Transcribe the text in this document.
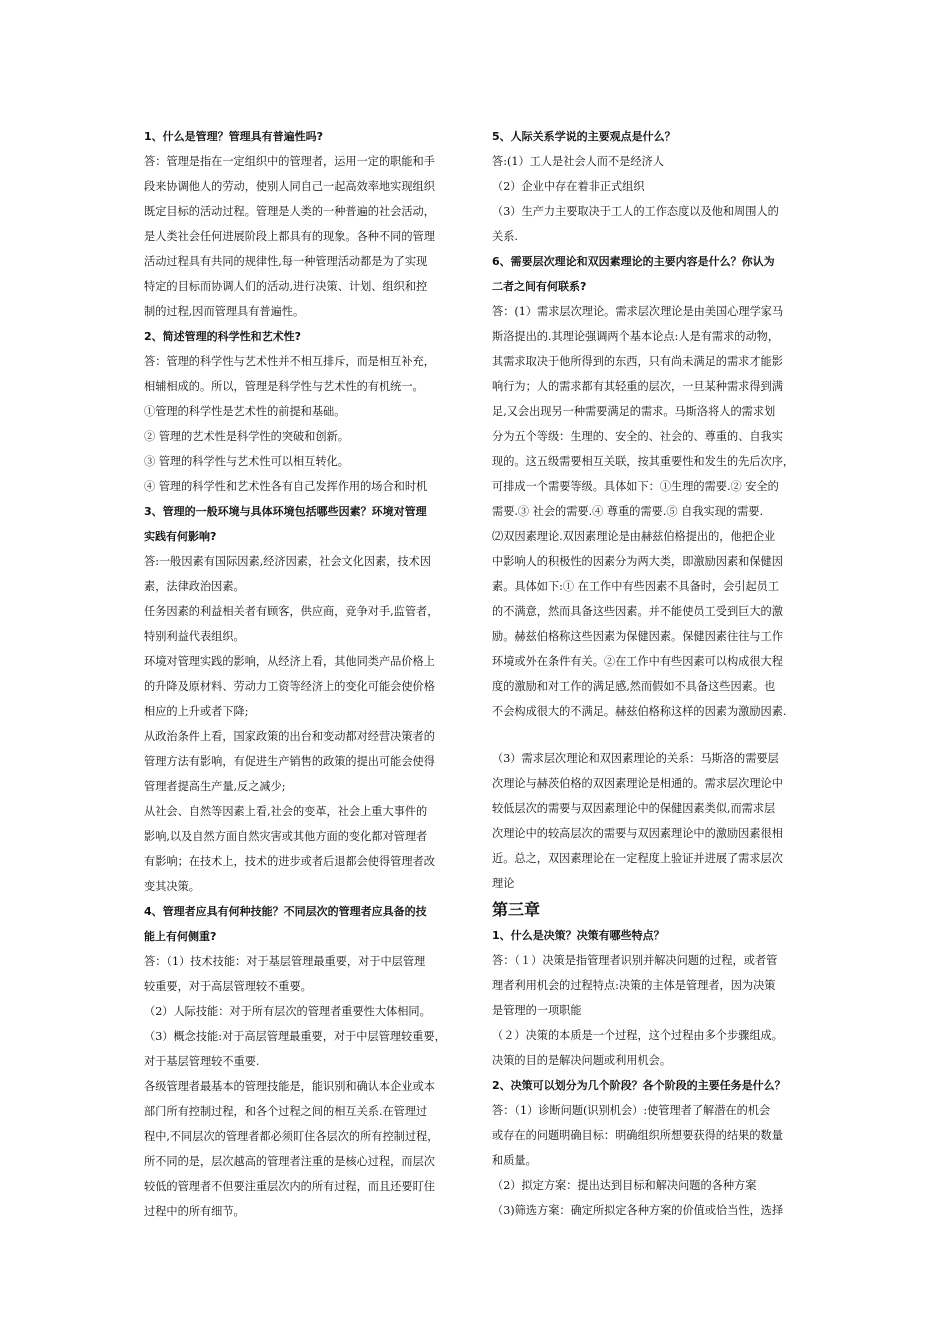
1、什么是管理？管理具有普遍性吗?
答：管理是指在一定组织中的管理者，运用一定的职能和手
段来协调他人的劳动，使别人同自己一起高效率地实现组织
既定目标的活动过程。管理是人类的一种普遍的社会活动，
是人类社会任何进展阶段上都具有的现象。各种不同的管理
活动过程具有共同的规律性,每一种管理活动都是为了实现
特定的目标而协调人们的活动,进行决策、计划、组织和控
制的过程,因而管理具有普遍性。
2、简述管理的科学性和艺术性?
答：管理的科学性与艺术性并不相互排斥，而是相互补充，
相辅相成的。所以，管理是科学性与艺术性的有机统一。
①管理的科学性是艺术性的前提和基础。
② 管理的艺术性是科学性的突破和创新。
③ 管理的科学性与艺术性可以相互转化。
④ 管理的科学性和艺术性各有自己发挥作用的场合和时机
3、管理的一般环境与具体环境包括哪些因素？环境对管理
实践有何影响?
答:一般因素有国际因素,经济因素，社会文化因素，技术因
素，法律政治因素。
任务因素的利益相关者有顾客，供应商，竞争对手,监管者，
特别利益代表组织。
环境对管理实践的影响，从经济上看，其他同类产品价格上
的升降及原材料、劳动力工资等经济上的变化可能会使价格
相应的上升或者下降;
从政治条件上看，国家政策的出台和变动都对经营决策者的
管理方法有影响，有促进生产销售的政策的提出可能会使得
管理者提高生产量,反之减少;
从社会、自然等因素上看,社会的变革，社会上重大事件的
影响,以及自然方面自然灾害或其他方面的变化都对管理者
有影响；在技术上，技术的进步或者后退都会使得管理者改
变其决策。
4、管理者应具有何种技能？不同层次的管理者应具备的技
能上有何侧重?
答：（1）技术技能：对于基层管理最重要，对于中层管理
较重要，对于高层管理较不重要。
（2）人际技能：对于所有层次的管理者重要性大体相同。
（3）概念技能:对于高层管理最重要，对于中层管理较重要，
对于基层管理较不重要.
各级管理者最基本的管理技能是，能识别和确认本企业或本
部门所有控制过程，和各个过程之间的相互关系.在管理过
程中,不同层次的管理者都必须盯住各层次的所有控制过程，
所不同的是，层次越高的管理者注重的是核心过程，而层次
较低的管理者不但要注重层次内的所有过程，而且还要盯住
过程中的所有细节。
5、人际关系学说的主要观点是什么？
答:(1）工人是社会人而不是经济人
（2）企业中存在着非正式组织
（3）生产力主要取决于工人的工作态度以及他和周围人的
关系.
6、需要层次理论和双因素理论的主要内容是什么？你认为
二者之间有何联系?
答：(1）需求层次理论。需求层次理论是由美国心理学家马
斯洛提出的.其理论强调两个基本论点:人是有需求的动物，
其需求取决于他所得到的东西，只有尚未满足的需求才能影
响行为；人的需求都有其轻重的层次，一旦某种需求得到满
足,又会出现另一种需要满足的需求。马斯洛将人的需求划
分为五个等级：生理的、安全的、社会的、尊重的、自我实
现的。这五级需要相互关联，按其重要性和发生的先后次序，
可排成一个需要等级。具体如下：①生理的需要.② 安全的
需要.③ 社会的需要.④ 尊重的需要.⑤ 自我实现的需要.
⑵双因素理论.双因素理论是由赫兹伯格提出的，他把企业
中影响人的积极性的因素分为两大类，即激励因素和保健因
素。具体如下:① 在工作中有些因素不具备时，会引起员工
的不满意，然而具备这些因素。并不能使员工受到巨大的激
励。赫兹伯格称这些因素为保健因素。保健因素往往与工作
环境或外在条件有关。②在工作中有些因素可以构成很大程
度的激励和对工作的满足感,然而假如不具备这些因素。也
不会构成很大的不满足。赫兹伯格称这样的因素为激励因素.
（3）需求层次理论和双因素理论的关系：马斯洛的需要层
次理论与赫茨伯格的双因素理论是相通的。需求层次理论中
较低层次的需要与双因素理论中的保健因素类似,而需求层
次理论中的较高层次的需要与双因素理论中的激励因素很相
近。总之，双因素理论在一定程度上验证并进展了需求层次
理论
第三章
1、什么是决策？决策有哪些特点？
答：（１）决策是指管理者识别并解决问题的过程，或者管
理者利用机会的过程特点:决策的主体是管理者，因为决策
是管理的一项职能
（２）决策的本质是一个过程，这个过程由多个步骤组成。
决策的目的是解决问题或利用机会。
2、决策可以划分为几个阶段？各个阶段的主要任务是什么？
答：（1）诊断问题(识别机会）:使管理者了解潜在的机会
或存在的问题明确目标：明确组织所想要获得的结果的数量
和质量。
（2）拟定方案：提出达到目标和解决问题的各种方案
（3)筛选方案：确定所拟定各种方案的价值或恰当性，选择
